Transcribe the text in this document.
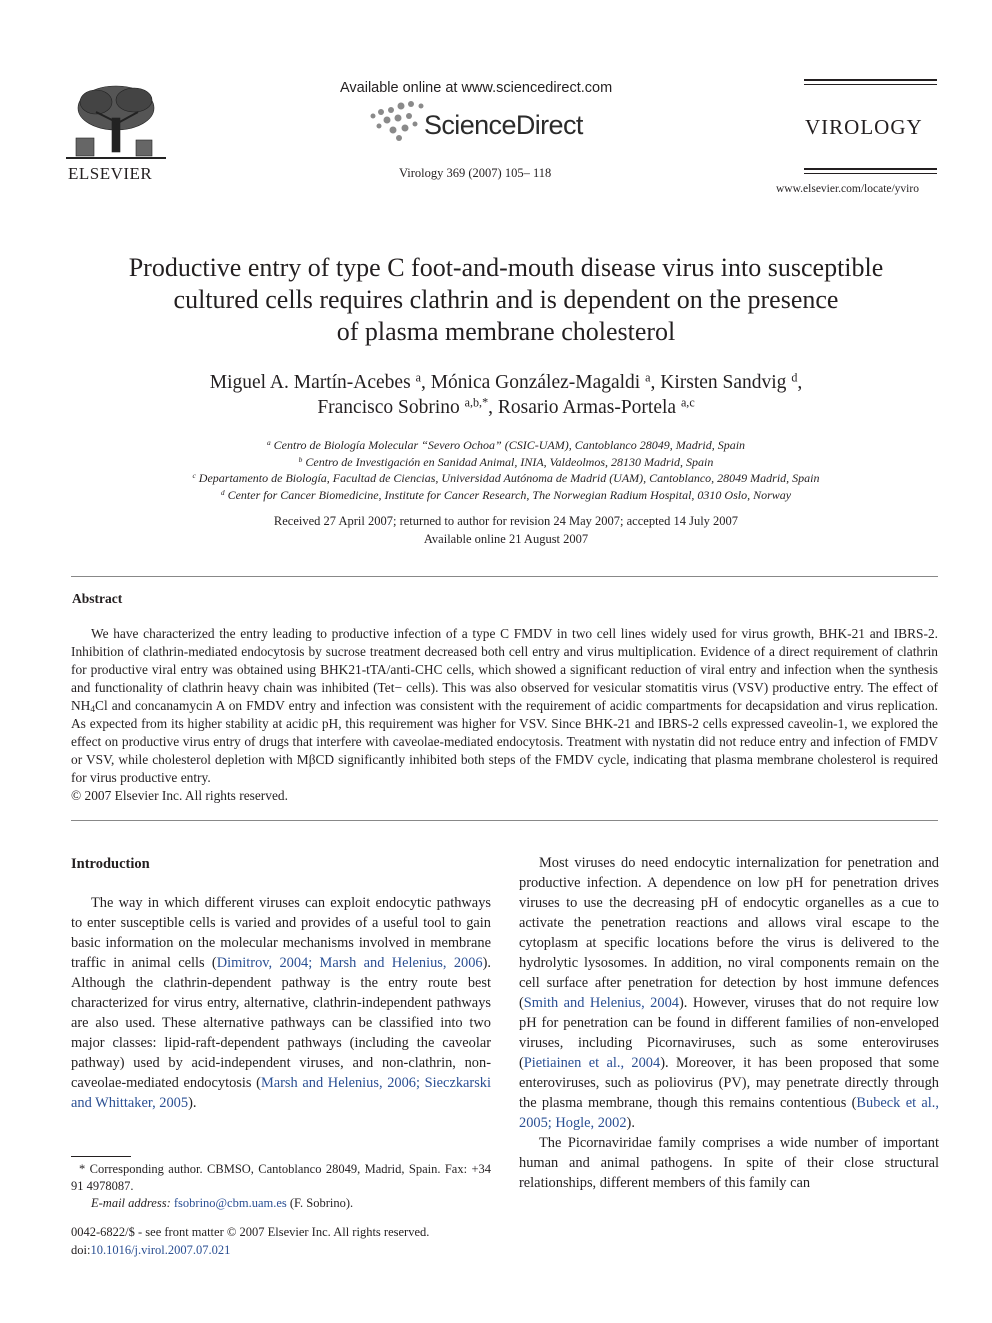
ELSEVIER
Available online at www.sciencedirect.com
ScienceDirect
Virology 369 (2007) 105– 118
VIROLOGY
www.elsevier.com/locate/yviro
Productive entry of type C foot-and-mouth disease virus into susceptible
cultured cells requires clathrin and is dependent on the presence
of plasma membrane cholesterol
Miguel A. Martín-Acebes $^a$, Mónica González-Magaldi $^a$, Kirsten Sandvig $^d$,
Francisco Sobrino $^{a,b,*}$, Rosario Armas-Portela $^{a,c}$
$^a$ Centro de Biología Molecular “Severo Ochoa” (CSIC-UAM), Cantoblanco 28049, Madrid, Spain
$^b$ Centro de Investigación en Sanidad Animal, INIA, Valdeolmos, 28130 Madrid, Spain
$^c$ Departamento de Biología, Facultad de Ciencias, Universidad Autónoma de Madrid (UAM), Cantoblanco, 28049 Madrid, Spain
$^d$ Center for Cancer Biomedicine, Institute for Cancer Research, The Norwegian Radium Hospital, 0310 Oslo, Norway
Received 27 April 2007; returned to author for revision 24 May 2007; accepted 14 July 2007
Available online 21 August 2007
Abstract
We have characterized the entry leading to productive infection of a type C FMDV in two cell lines widely used for virus growth, BHK-21 and IBRS-2. Inhibition of clathrin-mediated endocytosis by sucrose treatment decreased both cell entry and virus multiplication. Evidence of a direct requirement of clathrin for productive viral entry was obtained using BHK21-tTA/anti-CHC cells, which showed a significant reduction of viral entry and infection when the synthesis and functionality of clathrin heavy chain was inhibited (Tet− cells). This was also observed for vesicular stomatitis virus (VSV) productive entry. The effect of $NH_4Cl$ and concanamycin A on FMDV entry and infection was consistent with the requirement of acidic compartments for decapsidation and virus replication. As expected from its higher stability at acidic pH, this requirement was higher for VSV. Since BHK-21 and IBRS-2 cells expressed caveolin-1, we explored the effect on productive virus entry of drugs that interfere with caveolae-mediated endocytosis. Treatment with nystatin did not reduce entry and infection of FMDV or VSV, while cholesterol depletion with MβCD significantly inhibited both steps of the FMDV cycle, indicating that plasma membrane cholesterol is required for virus productive entry.
© 2007 Elsevier Inc. All rights reserved.
Introduction

The way in which different viruses can exploit endocytic pathways to enter susceptible cells is varied and provides of a useful tool to gain basic information on the molecular mechanisms involved in membrane traffic in animal cells (Dimitrov, 2004; Marsh and Helenius, 2006). Although the clathrin-dependent pathway is the entry route best characterized for virus entry, alternative, clathrin-independent pathways are also used. These alternative pathways can be classified into two major classes: lipid-raft-dependent pathways (including the caveolar pathway) used by acid-independent viruses, and non-clathrin, non-caveolae-mediated endocytosis (Marsh and Helenius, 2006; Sieczkarski and Whittaker, 2005).

Most viruses do need endocytic internalization for penetration and productive infection. A dependence on low pH for penetration drives viruses to use the decreasing pH of endocytic organelles as a cue to activate the penetration reactions and allows viral escape to the cytoplasm at specific locations before the virus is delivered to the hydrolytic lysosomes. In addition, no viral components remain on the cell surface after penetration for detection by host immune defences (Smith and Helenius, 2004). However, viruses that do not require low pH for penetration can be found in different families of non-enveloped viruses, including Picornaviruses, such as some enteroviruses (Pietiainen et al., 2004). Moreover, it has been proposed that some enteroviruses, such as poliovirus (PV), may penetrate directly through the plasma membrane, though this remains contentious (Bubeck et al., 2005; Hogle, 2002).

The Picornaviridae family comprises a wide number of important human and animal pathogens. In spite of their close structural relationships, different members of this family can

* Corresponding author. CBMSO, Cantoblanco 28049, Madrid, Spain. Fax: +34 91 4978087.

E-mail address: fsobrino@cbm.uam.es (F. Sobrino).

0042-6822/$ - see front matter © 2007 Elsevier Inc. All rights reserved.
doi:10.1016/j.virol.2007.07.021
